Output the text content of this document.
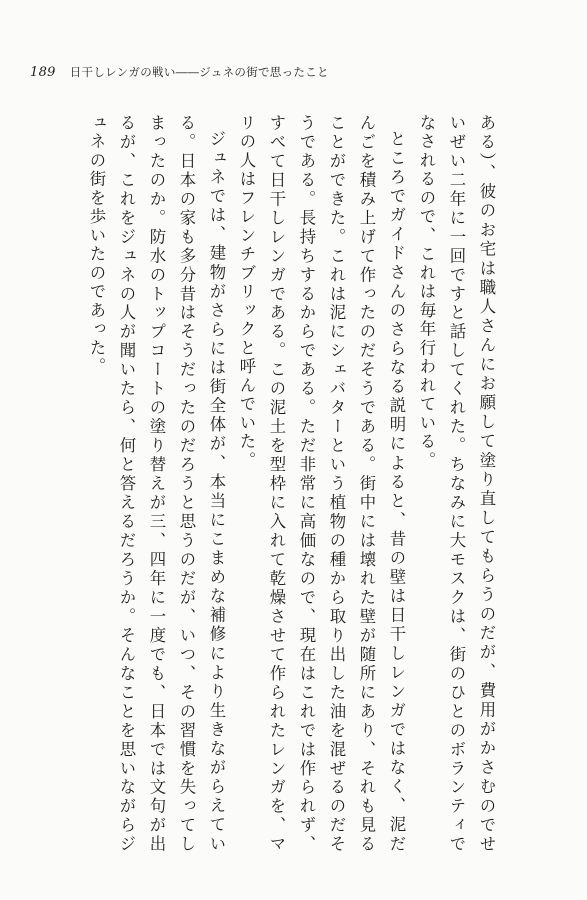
189 日干しレンガの戦い――ジュネの街で思ったこと

ある）、彼のお宅は職人さんにお願して塗り直してもらうのだが、費用がかさむのでせいぜい二年に一回ですと話してくれた。ちなみに大モスクは、街のひとのボランティでなされるので、これは毎年行われている。

ところでガイドさんのさらなる説明によると、昔の壁は日干しレンガではなく、泥だんごを積み上げて作ったのだそうである。街中には壊れた壁が随所にあり、それも見ることができた。これは泥にシェバターという植物の種から取り出した油を混ぜるのだそうである。長持ちするからである。ただ非常に高価なので、現在はこれでは作られず、すべて日干しレンガである。この泥土を型枠に入れて乾燥させて作られたレンガを、マリの人はフレンチブリックと呼んでいた。

ジュネでは、建物がさらには街全体が、本当にこまめな補修により生きながらえている。日本の家も多分昔はそうだったのだろうと思うのだが、いつ、その習慣を失ってしまったのか。防水のトップコートの塗り替えが三、四年に一度でも、日本では文句が出るが、これをジュネの人が聞いたら、何と答えるだろうか。そんなことを思いながらジュネの街を歩いたのであった。
